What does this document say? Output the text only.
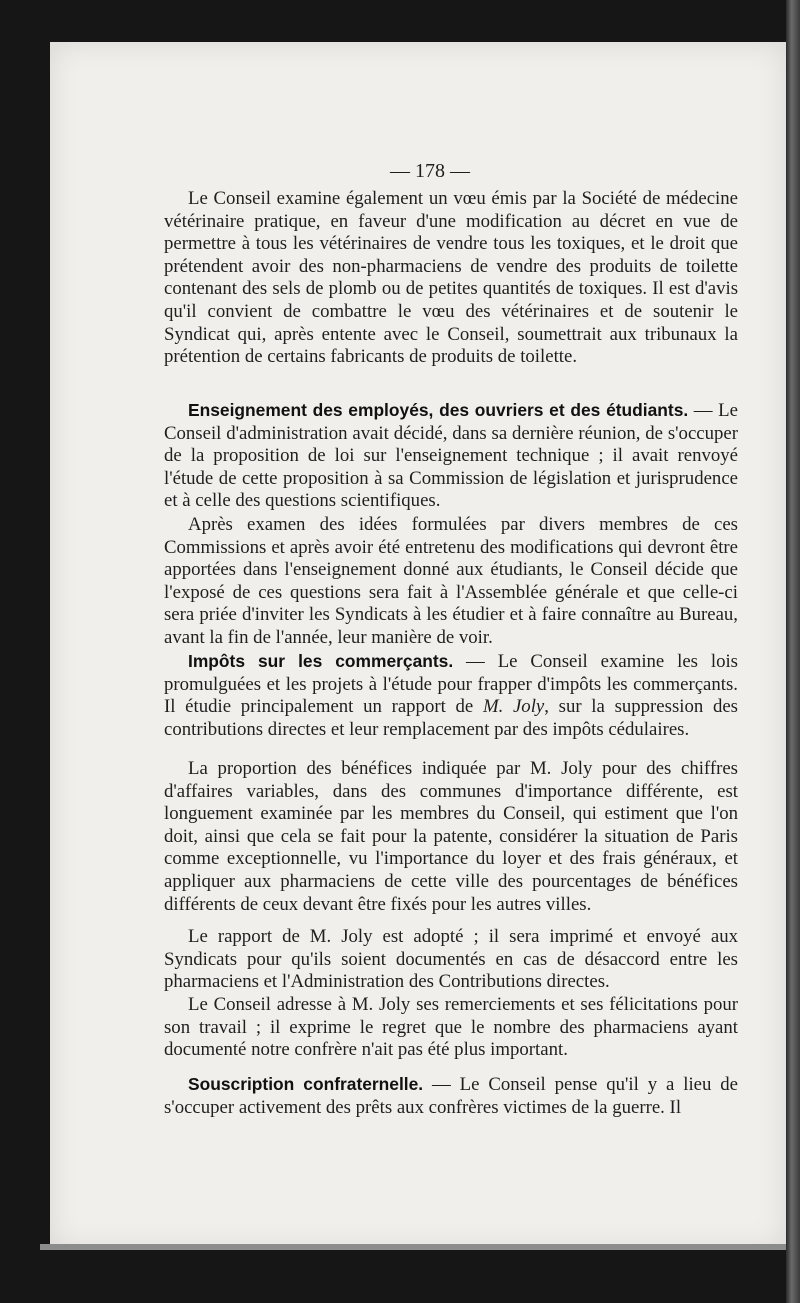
— 178 —

Le Conseil examine également un vœu émis par la Société de médecine vétérinaire pratique, en faveur d'une modification au décret en vue de permettre à tous les vétérinaires de vendre tous les toxiques, et le droit que prétendent avoir des non-pharmaciens de vendre des produits de toilette contenant des sels de plomb ou de petites quantités de toxiques. Il est d'avis qu'il convient de combattre le vœu des vétérinaires et de soutenir le Syndicat qui, après entente avec le Conseil, soumettrait aux tribunaux la prétention de certains fabricants de produits de toilette.

Enseignement des employés, des ouvriers et des étudiants. — Le Conseil d'administration avait décidé, dans sa dernière réunion, de s'occuper de la proposition de loi sur l'enseignement technique ; il avait renvoyé l'étude de cette proposition à sa Commission de législation et jurisprudence et à celle des questions scientifiques.

Après examen des idées formulées par divers membres de ces Commissions et après avoir été entretenu des modifications qui devront être apportées dans l'enseignement donné aux étudiants, le Conseil décide que l'exposé de ces questions sera fait à l'Assemblée générale et que celle-ci sera priée d'inviter les Syndicats à les étudier et à faire connaître au Bureau, avant la fin de l'année, leur manière de voir.

Impôts sur les commerçants. — Le Conseil examine les lois promulguées et les projets à l'étude pour frapper d'impôts les commerçants. Il étudie principalement un rapport de M. Joly, sur la suppression des contributions directes et leur remplacement par des impôts cédulaires.

La proportion des bénéfices indiquée par M. Joly pour des chiffres d'affaires variables, dans des communes d'importance différente, est longuement examinée par les membres du Conseil, qui estiment que l'on doit, ainsi que cela se fait pour la patente, considérer la situation de Paris comme exceptionnelle, vu l'importance du loyer et des frais généraux, et appliquer aux pharmaciens de cette ville des pourcentages de bénéfices différents de ceux devant être fixés pour les autres villes.

Le rapport de M. Joly est adopté ; il sera imprimé et envoyé aux Syndicats pour qu'ils soient documentés en cas de désaccord entre les pharmaciens et l'Administration des Contributions directes.

Le Conseil adresse à M. Joly ses remerciements et ses félicitations pour son travail ; il exprime le regret que le nombre des pharmaciens ayant documenté notre confrère n'ait pas été plus important.

Souscription confraternelle. — Le Conseil pense qu'il y a lieu de s'occuper activement des prêts aux confrères victimes de la guerre. Il
